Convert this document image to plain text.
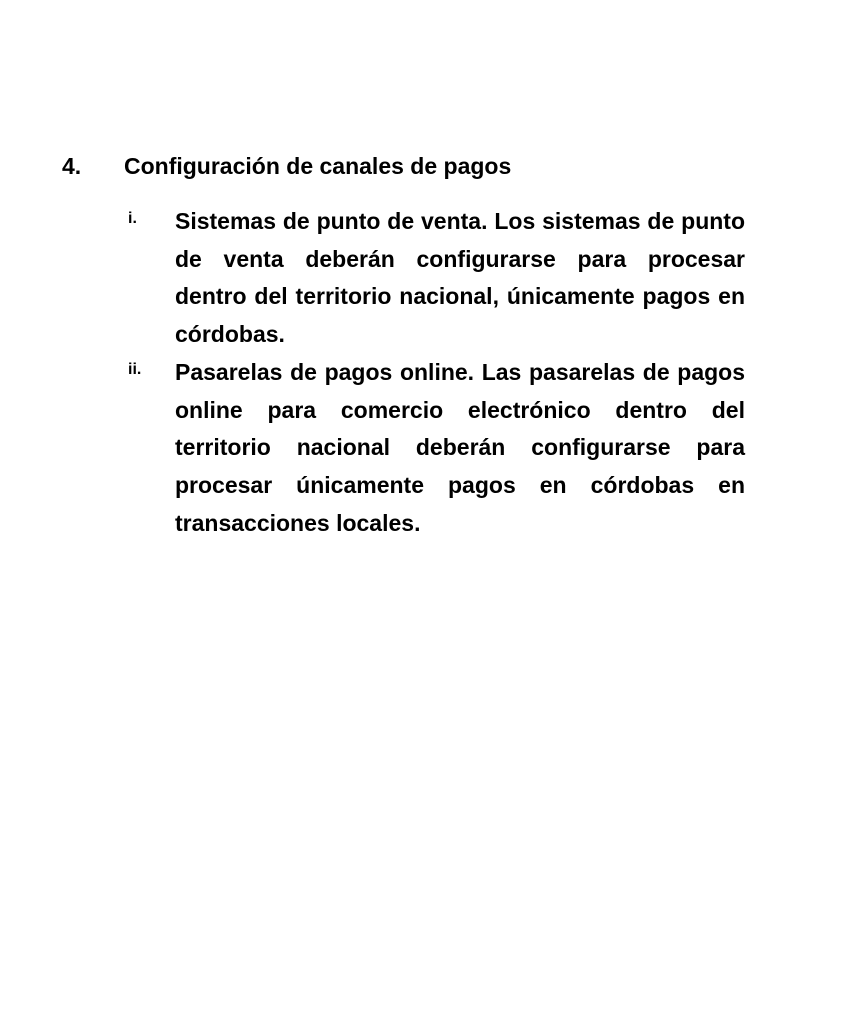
4. Configuración de canales de pagos
i. Sistemas de punto de venta. Los sistemas de punto de venta deberán configurarse para procesar dentro del territorio nacional, únicamente pagos en córdobas.

ii. Pasarelas de pagos online. Las pasarelas de pagos online para comercio electrónico dentro del territorio nacional deberán configurarse para procesar únicamente pagos en córdobas en transacciones locales.
